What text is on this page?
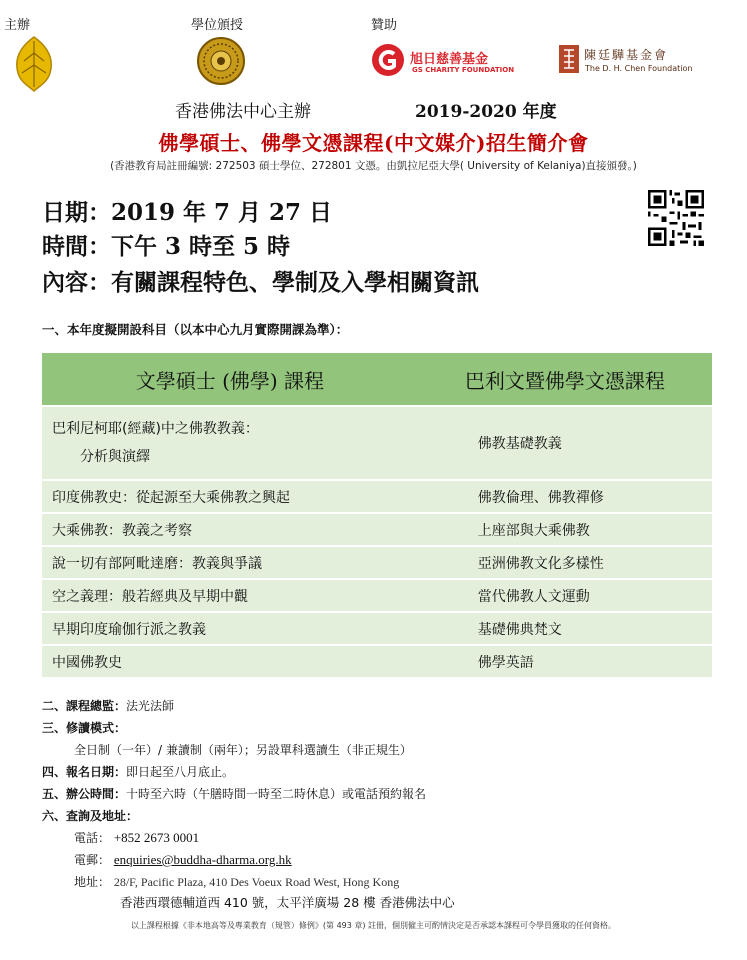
主辦	學位頒授	贊助
旭日慈善基金
GS CHARITY FOUNDATION
陳廷驊基金會
The D. H. Chen Foundation
香港佛法中心主辦	2019-2020 年度
佛學碩士、佛學文憑課程(中文媒介)招生簡介會
(香港教育局註冊編號: 272503 碩士學位、272801 文憑。由凱拉尼亞大學( University of Kelaniya)直接頒發。)
日期：2019 年 7 月 27 日
時間：下午 3 時至 5 時
內容：有關課程特色、學制及入學相關資訊
一、本年度擬開設科目（以本中心九月實際開課為準）：
文學碩士 (佛學) 課程	巴利文暨佛學文憑課程

巴利尼柯耶(經藏)中之佛教教義：
分析與演繹	佛教基礎教義
印度佛教史：從起源至大乘佛教之興起	佛教倫理、佛教禪修
大乘佛教：教義之考察	上座部與大乘佛教
說一切有部阿毗達磨：教義與爭議	亞洲佛教文化多樣性
空之義理：般若經典及早期中觀	當代佛教人文運動
早期印度瑜伽行派之教義	基礎佛典梵文
中國佛教史	佛學英語
二、課程總監：法光法師
三、修讀模式：
全日制（一年）/ 兼讀制（兩年）；另設單科選讀生（非正規生）
四、報名日期：即日起至八月底止。
五、辦公時間：十時至六時（午膳時間一時至二時休息）或電話預約報名
六、查詢及地址：
電話： +852 2673 0001
電郵： enquiries@buddha-dharma.org.hk
地址： 28/F, Pacific Plaza, 410 Des Voeux Road West, Hong Kong
香港西環德輔道西 410 號，太平洋廣場 28 樓 香港佛法中心
以上課程根據《非本地高等及專業教育（規管）條例》(第 493 章) 註冊，個別僱主可酌情決定是否承認本課程可令學員獲取的任何資格。
